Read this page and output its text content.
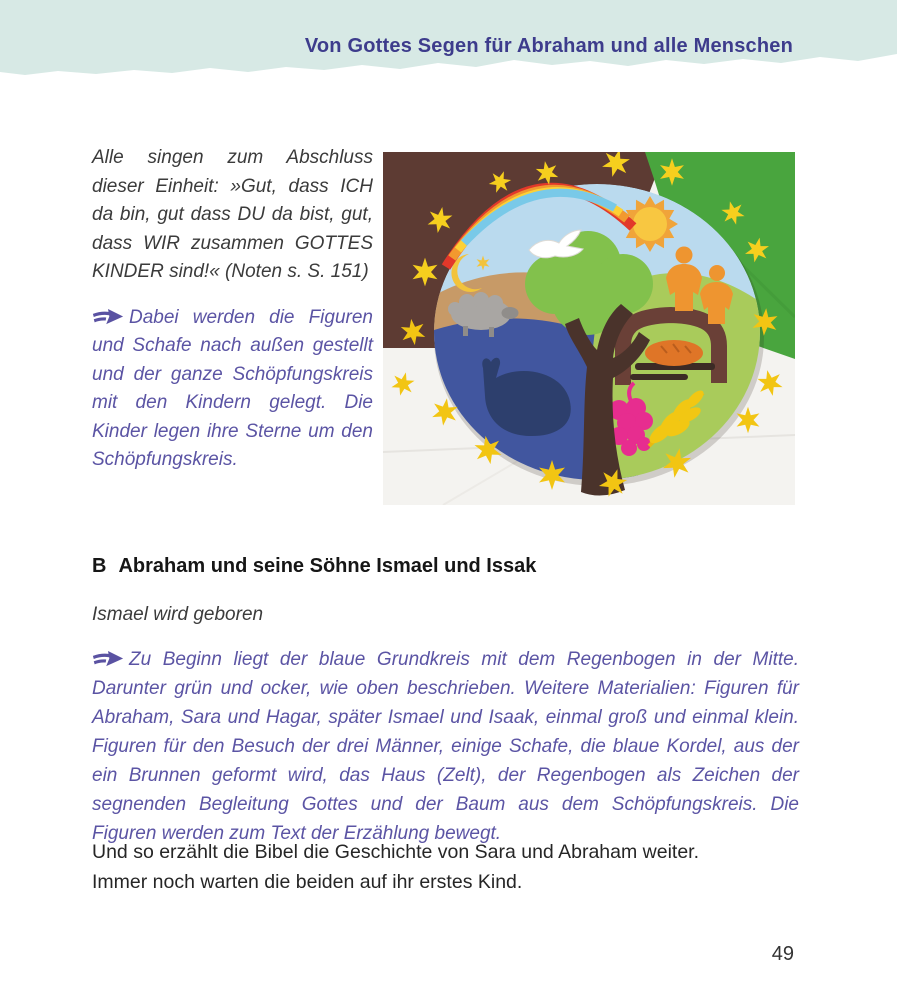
Von Gottes Segen für Abraham und alle Menschen

Alle singen zum Abschluss dieser Einheit: »Gut, dass ICH da bin, gut dass DU da bist, gut, dass WIR zusammen GOTTES KINDER sind!« (Noten s. S. 151)

Dabei werden die Figuren und Schafe nach außen gestellt und der ganze Schöpfungskreis mit den Kindern gelegt. Die Kinder legen ihre Sterne um den Schöpfungskreis.

B Abraham und seine Söhne Ismael und Issak
Ismael wird geboren
Zu Beginn liegt der blaue Grundkreis mit dem Regenbogen in der Mitte. Darunter grün und ocker, wie oben beschrieben. Weitere Materialien: Figuren für Abraham, Sara und Hagar, später Ismael und Isaak, einmal groß und einmal klein. Figuren für den Besuch der drei Männer, einige Schafe, die blaue Kordel, aus der ein Brunnen geformt wird, das Haus (Zelt), der Regenbogen als Zeichen der segnenden Begleitung Gottes und der Baum aus dem Schöpfungskreis. Die Figuren werden zum Text der Erzählung bewegt.
Und so erzählt die Bibel die Geschichte von Sara und Abraham weiter.
Immer noch warten die beiden auf ihr erstes Kind.
49
